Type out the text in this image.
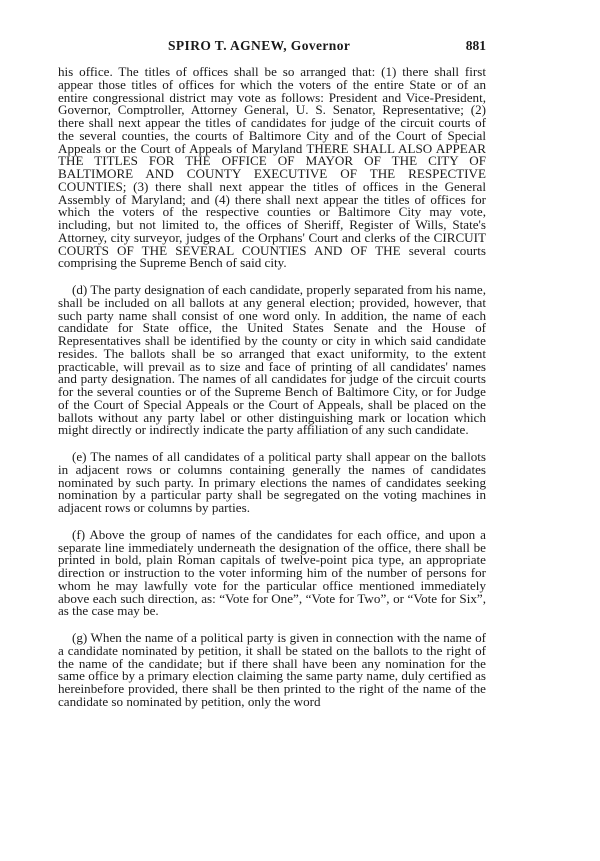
SPIRO T. AGNEW, Governor	881

his office. The titles of offices shall be so arranged that: (1) there shall first appear those titles of offices for which the voters of the entire State or of an entire congressional district may vote as follows: President and Vice-President, Governor, Comptroller, Attorney General, U. S. Senator, Representative; (2) there shall next appear the titles of candidates for judge of the circuit courts of the several counties, the courts of Baltimore City and of the Court of Special Appeals or the Court of Appeals of Maryland THERE SHALL ALSO APPEAR THE TITLES FOR THE OFFICE OF MAYOR OF THE CITY OF BALTIMORE AND COUNTY EXECUTIVE OF THE RESPECTIVE COUNTIES; (3) there shall next appear the titles of offices in the General Assembly of Maryland; and (4) there shall next appear the titles of offices for which the voters of the respective counties or Baltimore City may vote, including, but not limited to, the offices of Sheriff, Register of Wills, State's Attorney, city surveyor, judges of the Orphans' Court and clerks of the CIRCUIT COURTS OF THE SEVERAL COUNTIES AND OF THE several courts comprising the Supreme Bench of said city.

(d) The party designation of each candidate, properly separated from his name, shall be included on all ballots at any general election; provided, however, that such party name shall consist of one word only. In addition, the name of each candidate for State office, the United States Senate and the House of Representatives shall be identified by the county or city in which said candidate resides. The ballots shall be so arranged that exact uniformity, to the extent practicable, will prevail as to size and face of printing of all candidates' names and party designation. The names of all candidates for judge of the circuit courts for the several counties or of the Supreme Bench of Baltimore City, or for Judge of the Court of Special Appeals or the Court of Appeals, shall be placed on the ballots without any party label or other distinguishing mark or location which might directly or indirectly indicate the party affiliation of any such candidate.

(e) The names of all candidates of a political party shall appear on the ballots in adjacent rows or columns containing generally the names of candidates nominated by such party. In primary elections the names of candidates seeking nomination by a particular party shall be segregated on the voting machines in adjacent rows or columns by parties.

(f) Above the group of names of the candidates for each office, and upon a separate line immediately underneath the designation of the office, there shall be printed in bold, plain Roman capitals of twelve-point pica type, an appropriate direction or instruction to the voter informing him of the number of persons for whom he may lawfully vote for the particular office mentioned immediately above each such direction, as: “Vote for One”, “Vote for Two”, or “Vote for Six”, as the case may be.

(g) When the name of a political party is given in connection with the name of a candidate nominated by petition, it shall be stated on the ballots to the right of the name of the candidate; but if there shall have been any nomination for the same office by a primary election claiming the same party name, duly certified as hereinbefore provided, there shall be then printed to the right of the name of the candidate so nominated by petition, only the word
